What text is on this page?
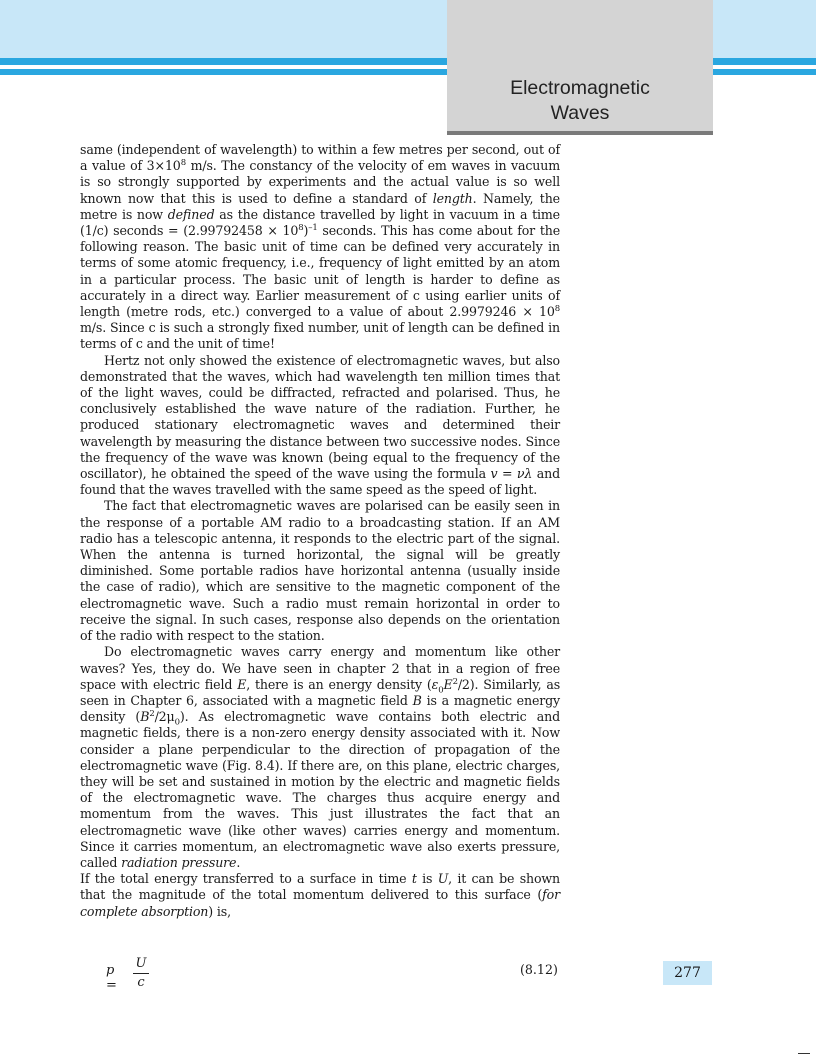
Electromagnetic
Waves

same (independent of wavelength) to within a few metres per second, out of a value of $3\times 10^8$ m/s. The constancy of the velocity of em waves in vacuum is so strongly supported by experiments and the actual value is so well known now that this is used to define a standard of length. Namely, the metre is now defined as the distance travelled by light in vacuum in a time (1/c) seconds = $(2.99792458 \times 10^8)^{-1}$ seconds. This has come about for the following reason. The basic unit of time can be defined very accurately in terms of some atomic frequency, i.e., frequency of light emitted by an atom in a particular process. The basic unit of length is harder to define as accurately in a direct way. Earlier measurement of c using earlier units of length (metre rods, etc.) converged to a value of about $2.9979246 \times 10^8$ m/s. Since c is such a strongly fixed number, unit of length can be defined in terms of c and the unit of time!

Hertz not only showed the existence of electromagnetic waves, but also demonstrated that the waves, which had wavelength ten million times that of the light waves, could be diffracted, refracted and polarised. Thus, he conclusively established the wave nature of the radiation. Further, he produced stationary electromagnetic waves and determined their wavelength by measuring the distance between two successive nodes. Since the frequency of the wave was known (being equal to the frequency of the oscillator), he obtained the speed of the wave using the formula v = νλ and found that the waves travelled with the same speed as the speed of light.

The fact that electromagnetic waves are polarised can be easily seen in the response of a portable AM radio to a broadcasting station. If an AM radio has a telescopic antenna, it responds to the electric part of the signal. When the antenna is turned horizontal, the signal will be greatly diminished. Some portable radios have horizontal antenna (usually inside the case of radio), which are sensitive to the magnetic component of the electromagnetic wave. Such a radio must remain horizontal in order to receive the signal. In such cases, response also depends on the orientation of the radio with respect to the station.

Do electromagnetic waves carry energy and momentum like other waves? Yes, they do. We have seen in chapter 2 that in a region of free space with electric field E, there is an energy density $(\varepsilon_0E^2/2)$. Similarly, as seen in Chapter 6, associated with a magnetic field B is a magnetic energy density $(B^2/2\mu_0)$. As electromagnetic wave contains both electric and magnetic fields, there is a non-zero energy density associated with it. Now consider a plane perpendicular to the direction of propagation of the electromagnetic wave (Fig. 8.4). If there are, on this plane, electric charges, they will be set and sustained in motion by the electric and magnetic fields of the electromagnetic wave. The charges thus acquire energy and momentum from the waves. This just illustrates the fact that an electromagnetic wave (like other waves) carries energy and momentum. Since it carries momentum, an electromagnetic wave also exerts pressure, called radiation pressure.

If the total energy transferred to a surface in time t is U, it can be shown that the magnitude of the total momentum delivered to this surface (for complete absorption) is,

p =
U
c
(8.12)	277
